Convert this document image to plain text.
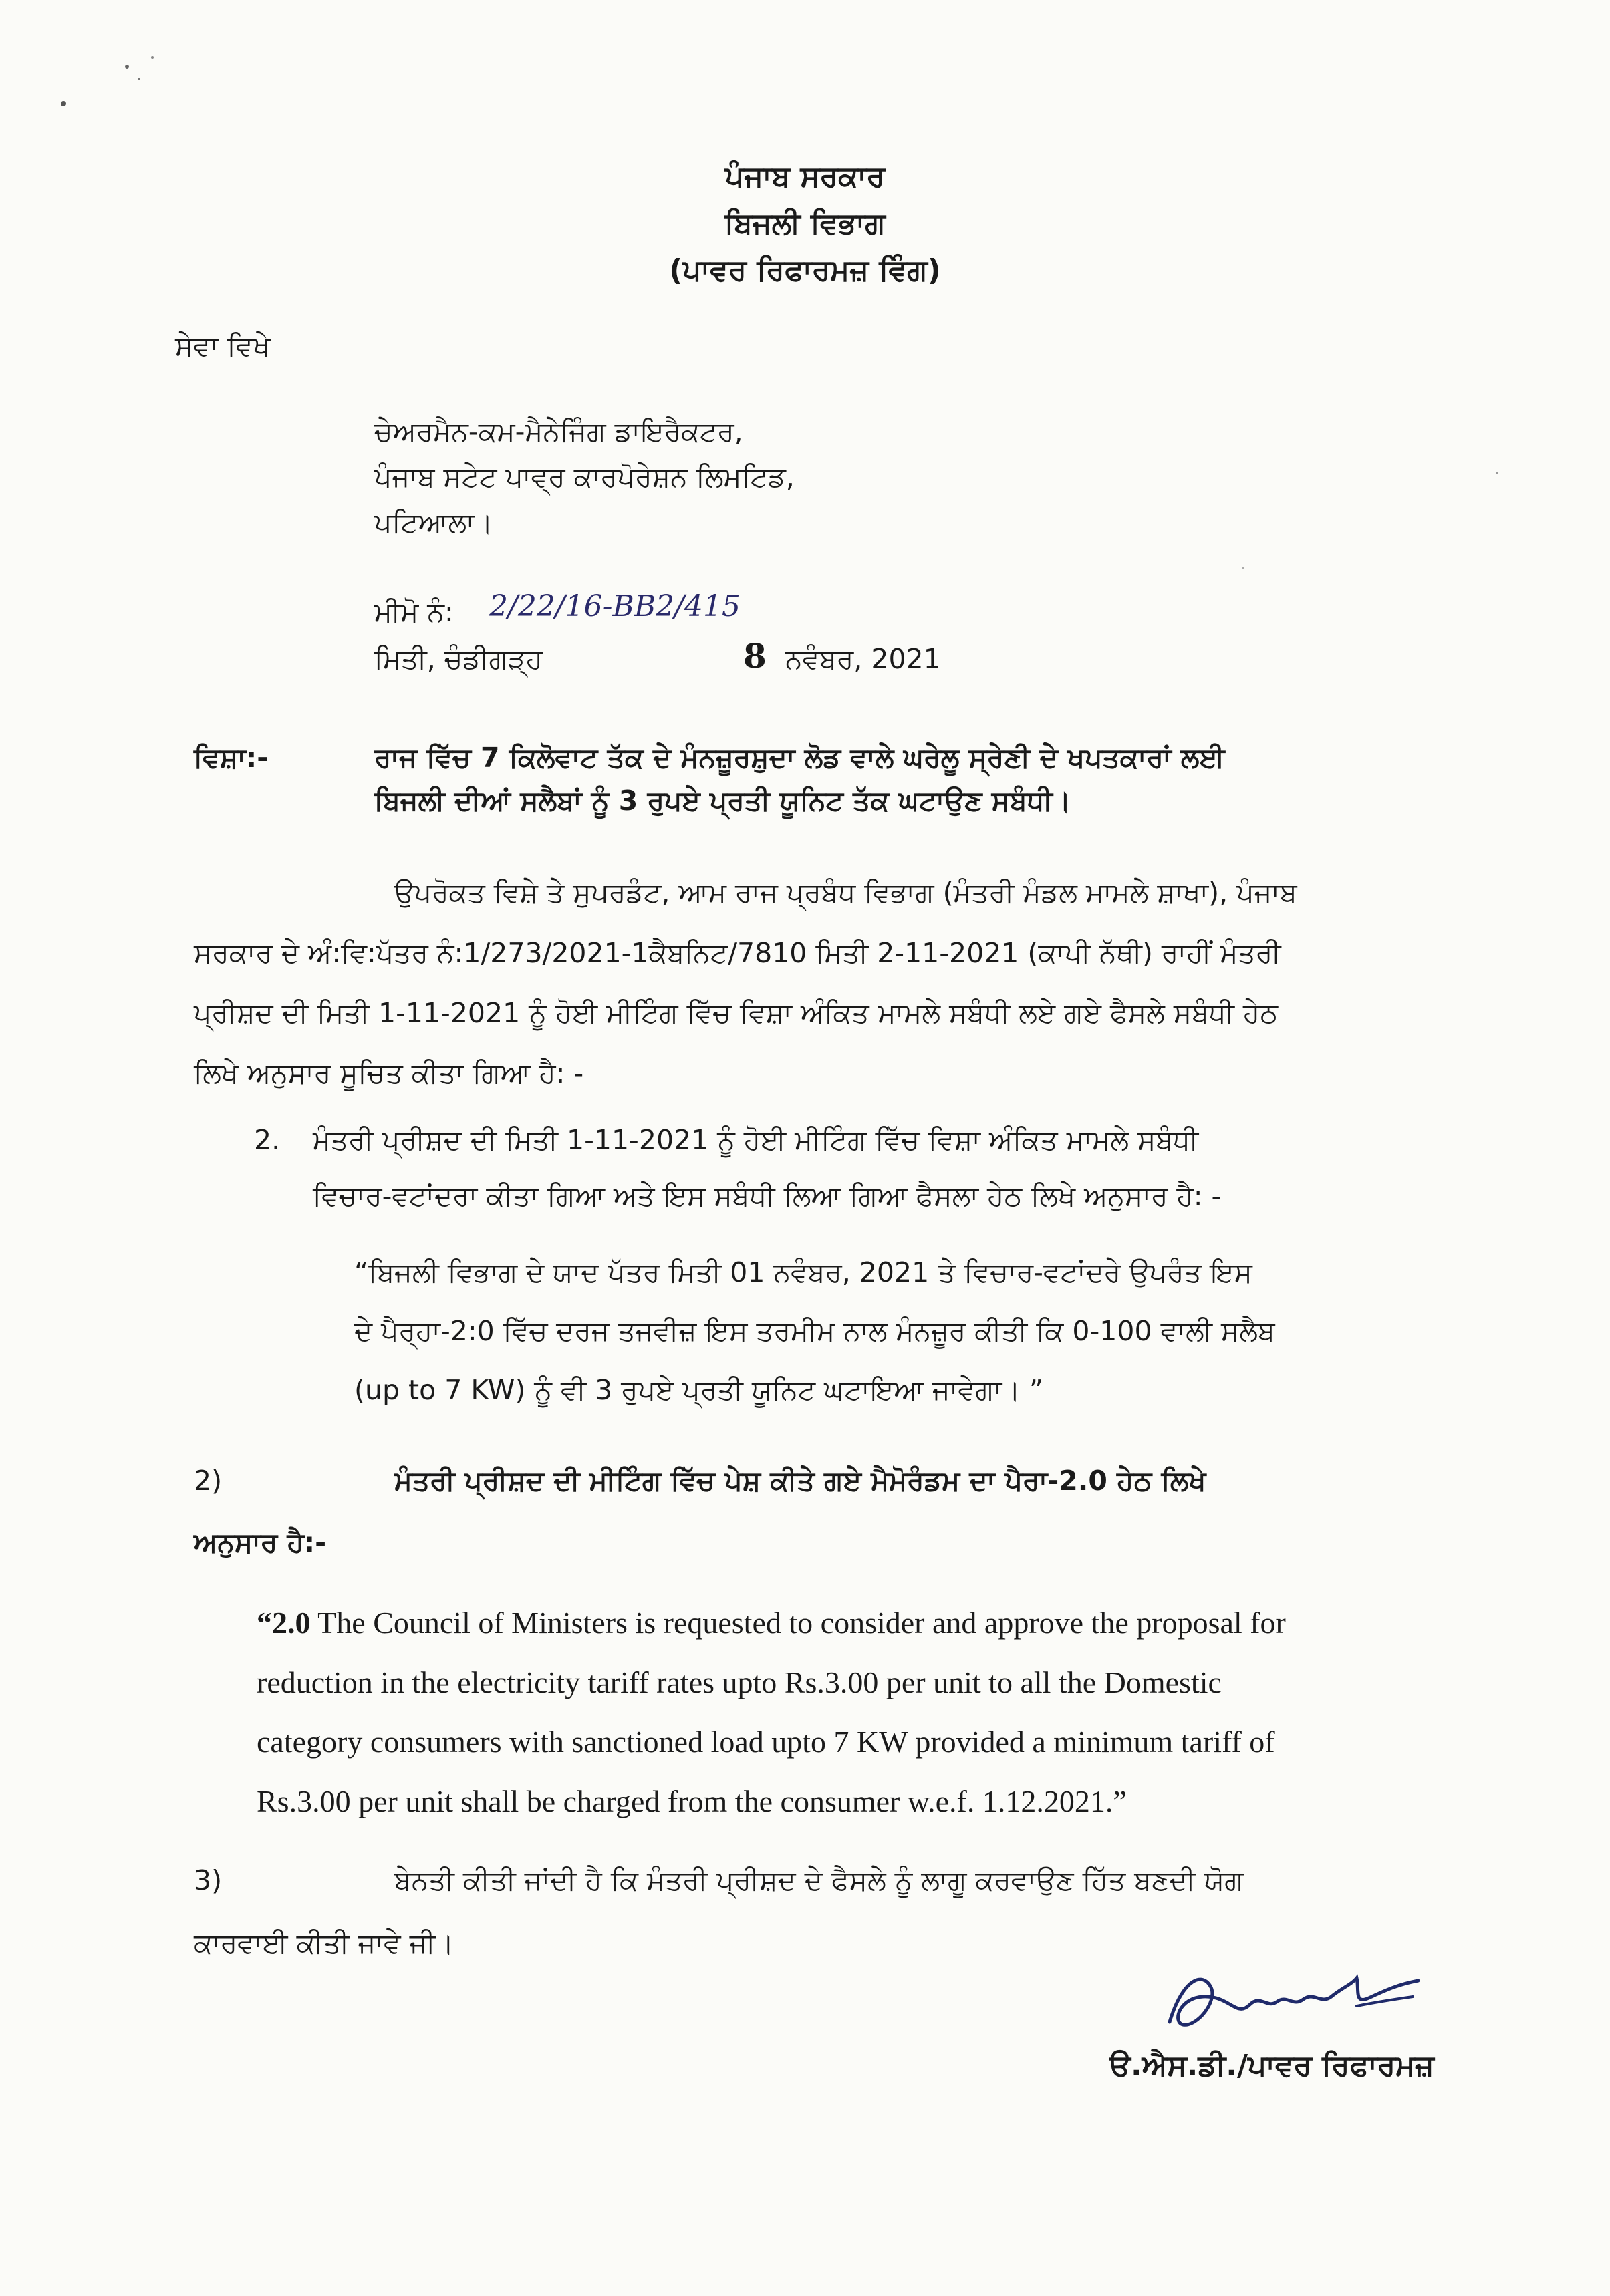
ਪੰਜਾਬ ਸਰਕਾਰ
ਬਿਜਲੀ ਵਿਭਾਗ
(ਪਾਵਰ ਰਿਫਾਰਮਜ਼ ਵਿੰਗ)
ਸੇਵਾ ਵਿਖੇ
ਚੇਅਰਮੈਨ-ਕਮ-ਮੈਨੇਜਿੰਗ ਡਾਇਰੈਕਟਰ,
ਪੰਜਾਬ ਸਟੇਟ ਪਾਵ੍ਰ ਕਾਰਪੋਰੇਸ਼ਨ ਲਿਮਟਿਡ,
ਪਟਿਆਲਾ।
ਮੀਮੋ ਨੰ: 2/22/16-BB2/415
ਮਿਤੀ, ਚੰਡੀਗੜ੍ਹ	8 ਨਵੰਬਰ, 2021
ਵਿਸ਼ਾ:-	ਰਾਜ ਵਿੱਚ 7 ਕਿਲੋਵਾਟ ਤੱਕ ਦੇ ਮੰਨਜ਼ੂਰਸ਼ੁਦਾ ਲੋਡ ਵਾਲੇ ਘਰੇਲੂ ਸ੍ਰੇਣੀ ਦੇ ਖਪਤਕਾਰਾਂ ਲਈ
ਬਿਜਲੀ ਦੀਆਂ ਸਲੈਬਾਂ ਨੂੰ 3 ਰੁਪਏ ਪ੍ਰਤੀ ਯੂਨਿਟ ਤੱਕ ਘਟਾਉਣ ਸਬੰਧੀ।
ਉਪਰੋਕਤ ਵਿਸ਼ੇ ਤੇ ਸੁਪਰਡੰਟ, ਆਮ ਰਾਜ ਪ੍ਰਬੰਧ ਵਿਭਾਗ (ਮੰਤਰੀ ਮੰਡਲ ਮਾਮਲੇ ਸ਼ਾਖਾ), ਪੰਜਾਬ
ਸਰਕਾਰ ਦੇ ਅੰ:ਵਿ:ਪੱਤਰ ਨੰ:1/273/2021-1ਕੈਬਨਿਟ/7810 ਮਿਤੀ 2-11-2021 (ਕਾਪੀ ਨੱਥੀ) ਰਾਹੀਂ ਮੰਤਰੀ
ਪ੍ਰੀਸ਼ਦ ਦੀ ਮਿਤੀ 1-11-2021 ਨੂੰ ਹੋਈ ਮੀਟਿੰਗ ਵਿੱਚ ਵਿਸ਼ਾ ਅੰਕਿਤ ਮਾਮਲੇ ਸਬੰਧੀ ਲਏ ਗਏ ਫੈਸਲੇ ਸਬੰਧੀ ਹੇਠ
ਲਿਖੇ ਅਨੁਸਾਰ ਸੂਚਿਤ ਕੀਤਾ ਗਿਆ ਹੈ: -
2. ਮੰਤਰੀ ਪ੍ਰੀਸ਼ਦ ਦੀ ਮਿਤੀ 1-11-2021 ਨੂੰ ਹੋਈ ਮੀਟਿੰਗ ਵਿੱਚ ਵਿਸ਼ਾ ਅੰਕਿਤ ਮਾਮਲੇ ਸਬੰਧੀ
ਵਿਚਾਰ-ਵਟਾਂਦਰਾ ਕੀਤਾ ਗਿਆ ਅਤੇ ਇਸ ਸਬੰਧੀ ਲਿਆ ਗਿਆ ਫੈਸਲਾ ਹੇਠ ਲਿਖੇ ਅਨੁਸਾਰ ਹੈ: -
“ਬਿਜਲੀ ਵਿਭਾਗ ਦੇ ਯਾਦ ਪੱਤਰ ਮਿਤੀ 01 ਨਵੰਬਰ, 2021 ਤੇ ਵਿਚਾਰ-ਵਟਾਂਦਰੇ ਉਪਰੰਤ ਇਸ
ਦੇ ਪੈਰ੍ਹਾ-2:0 ਵਿੱਚ ਦਰਜ ਤਜਵੀਜ਼ ਇਸ ਤਰਮੀਮ ਨਾਲ ਮੰਨਜ਼ੂਰ ਕੀਤੀ ਕਿ 0-100 ਵਾਲੀ ਸਲੈਬ
(up to 7 KW) ਨੂੰ ਵੀ 3 ਰੁਪਏ ਪ੍ਰਤੀ ਯੂਨਿਟ ਘਟਾਇਆ ਜਾਵੇਗਾ। ”
2)	ਮੰਤਰੀ ਪ੍ਰੀਸ਼ਦ ਦੀ ਮੀਟਿੰਗ ਵਿੱਚ ਪੇਸ਼ ਕੀਤੇ ਗਏ ਮੈਮੋਰੰਡਮ ਦਾ ਪੈਰਾ-2.0 ਹੇਠ ਲਿਖੇ
ਅਨੁਸਾਰ ਹੈ:-
“2.0 The Council of Ministers is requested to consider and approve the proposal for
reduction in the electricity tariff rates upto Rs.3.00 per unit to all the Domestic
category consumers with sanctioned load upto 7 KW provided a minimum tariff of
Rs.3.00 per unit shall be charged from the consumer w.e.f. 1.12.2021.”
3)	ਬੇਨਤੀ ਕੀਤੀ ਜਾਂਦੀ ਹੈ ਕਿ ਮੰਤਰੀ ਪ੍ਰੀਸ਼ਦ ਦੇ ਫੈਸਲੇ ਨੂੰ ਲਾਗੂ ਕਰਵਾਉਣ ਹਿੱਤ ਬਣਦੀ ਯੋਗ
ਕਾਰਵਾਈ ਕੀਤੀ ਜਾਵੇ ਜੀ।
ੳ.ਐਸ.ਡੀ./ਪਾਵਰ ਰਿਫਾਰਮਜ਼
